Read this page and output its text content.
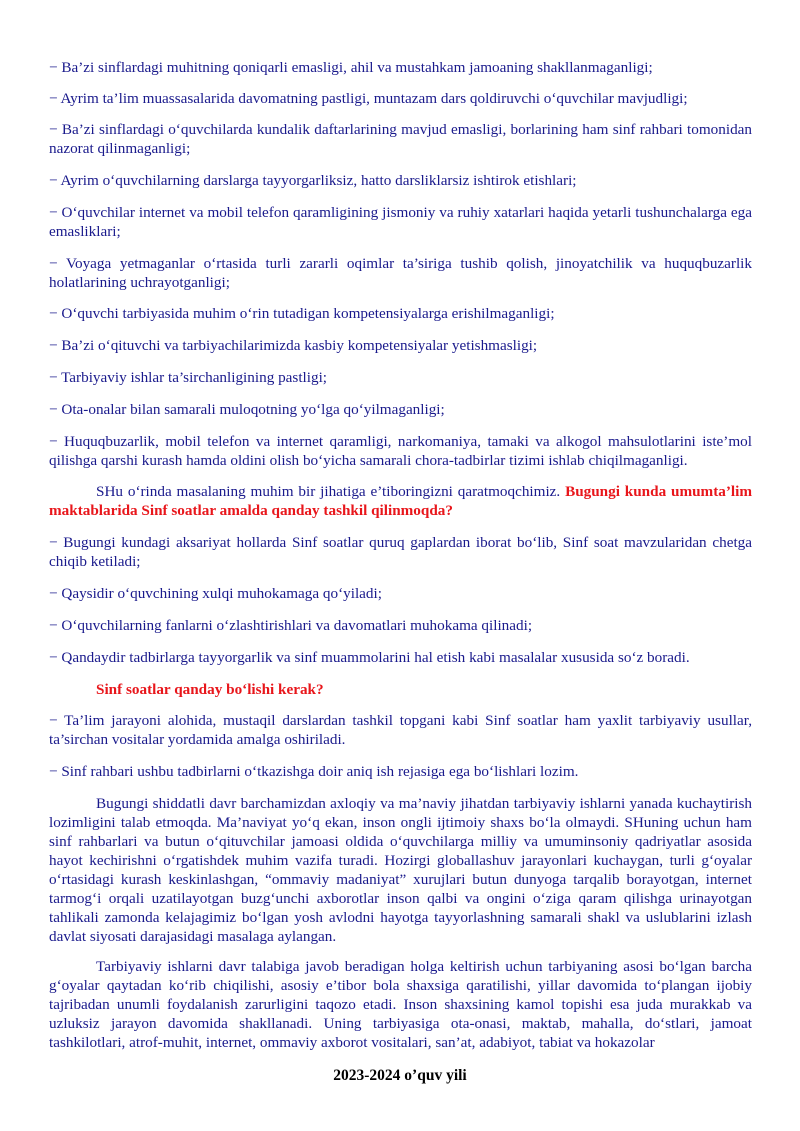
− Ba’zi sinflardagi muhitning qoniqarli emasligi, ahil va mustahkam jamoaning shakllanmaganligi;

− Ayrim ta’lim muassasalarida davomatning pastligi, muntazam dars qoldiruvchi o‘quvchilar mavjudligi;

− Ba’zi sinflardagi o‘quvchilarda kundalik daftarlarining mavjud emasligi, borlarining ham sinf rahbari tomonidan nazorat qilinmaganligi;

− Ayrim o‘quvchilarning darslarga tayyorgarliksiz, hatto darsliklarsiz ishtirok etishlari;

− O‘quvchilar internet va mobil telefon qaramligining jismoniy va ruhiy xatarlari haqida yetarli tushunchalarga ega emasliklari;

− Voyaga yetmaganlar o‘rtasida turli zararli oqimlar ta’siriga tushib qolish, jinoyatchilik va huquqbuzarlik holatlarining uchrayotganligi;

− O‘quvchi tarbiyasida muhim o‘rin tutadigan kompetensiyalarga erishilmaganligi;

− Ba’zi o‘qituvchi va tarbiyachilarimizda kasbiy kompetensiyalar yetishmasligi;

− Tarbiyaviy ishlar ta’sirchanligining pastligi;

− Ota-onalar bilan samarali muloqotning yo‘lga qo‘yilmaganligi;

− Huquqbuzarlik, mobil telefon va internet qaramligi, narkomaniya, tamaki va alkogol mahsulotlarini iste’mol qilishga qarshi kurash hamda oldini olish bo‘yicha samarali chora-tadbirlar tizimi ishlab chiqilmaganligi.

SHu o‘rinda masalaning muhim bir jihatiga e’tiboringizni qaratmoqchimiz. Bugungi kunda umumta’lim maktablarida Sinf soatlar amalda qanday tashkil qilinmoqda?

− Bugungi kundagi aksariyat hollarda Sinf soatlar quruq gaplardan iborat bo‘lib, Sinf soat mavzularidan chetga chiqib ketiladi;

− Qaysidir o‘quvchining xulqi muhokamaga qo‘yiladi;

− O‘quvchilarning fanlarni o‘zlashtirishlari va davomatlari muhokama qilinadi;

− Qandaydir tadbirlarga tayyorgarlik va sinf muammolarini hal etish kabi masalalar xususida so‘z boradi.

Sinf soatlar qanday bo‘lishi kerak?

− Ta’lim jarayoni alohida, mustaqil darslardan tashkil topgani kabi Sinf soatlar ham yaxlit tarbiyaviy usullar, ta’sirchan vositalar yordamida amalga oshiriladi.

− Sinf rahbari ushbu tadbirlarni o‘tkazishga doir aniq ish rejasiga ega bo‘lishlari lozim.

Bugungi shiddatli davr barchamizdan axloqiy va ma’naviy jihatdan tarbiyaviy ishlarni yanada kuchaytirish lozimligini talab etmoqda. Ma’naviyat yo‘q ekan, inson ongli ijtimoiy shaxs bo‘la olmaydi. SHuning uchun ham sinf rahbarlari va butun o‘qituvchilar jamoasi oldida o‘quvchilarga milliy va umuminsoniy qadriyatlar asosida hayot kechirishni o‘rgatishdek muhim vazifa turadi. Hozirgi globallashuv jarayonlari kuchaygan, turli g‘oyalar o‘rtasidagi kurash keskinlashgan, “ommaviy madaniyat” xurujlari butun dunyoga tarqalib borayotgan, internet tarmog‘i orqali uzatilayotgan buzg‘unchi axborotlar inson qalbi va ongini o‘ziga qaram qilishga urinayotgan tahlikali zamonda kelajagimiz bo‘lgan yosh avlodni hayotga tayyorlashning samarali shakl va uslublarini izlash davlat siyosati darajasidagi masalaga aylangan.

Tarbiyaviy ishlarni davr talabiga javob beradigan holga keltirish uchun tarbiyaning asosi bo‘lgan barcha g‘oyalar qaytadan ko‘rib chiqilishi, asosiy e’tibor bola shaxsiga qaratilishi, yillar davomida to‘plangan ijobiy tajribadan unumli foydalanish zarurligini taqozo etadi. Inson shaxsining kamol topishi esa juda murakkab va uzluksiz jarayon davomida shakllanadi. Uning tarbiyasiga ota-onasi, maktab, mahalla, do‘stlari, jamoat tashkilotlari, atrof-muhit, internet, ommaviy axborot vositalari, san’at, adabiyot, tabiat va hokazolar

2023-2024 o’quv yili
